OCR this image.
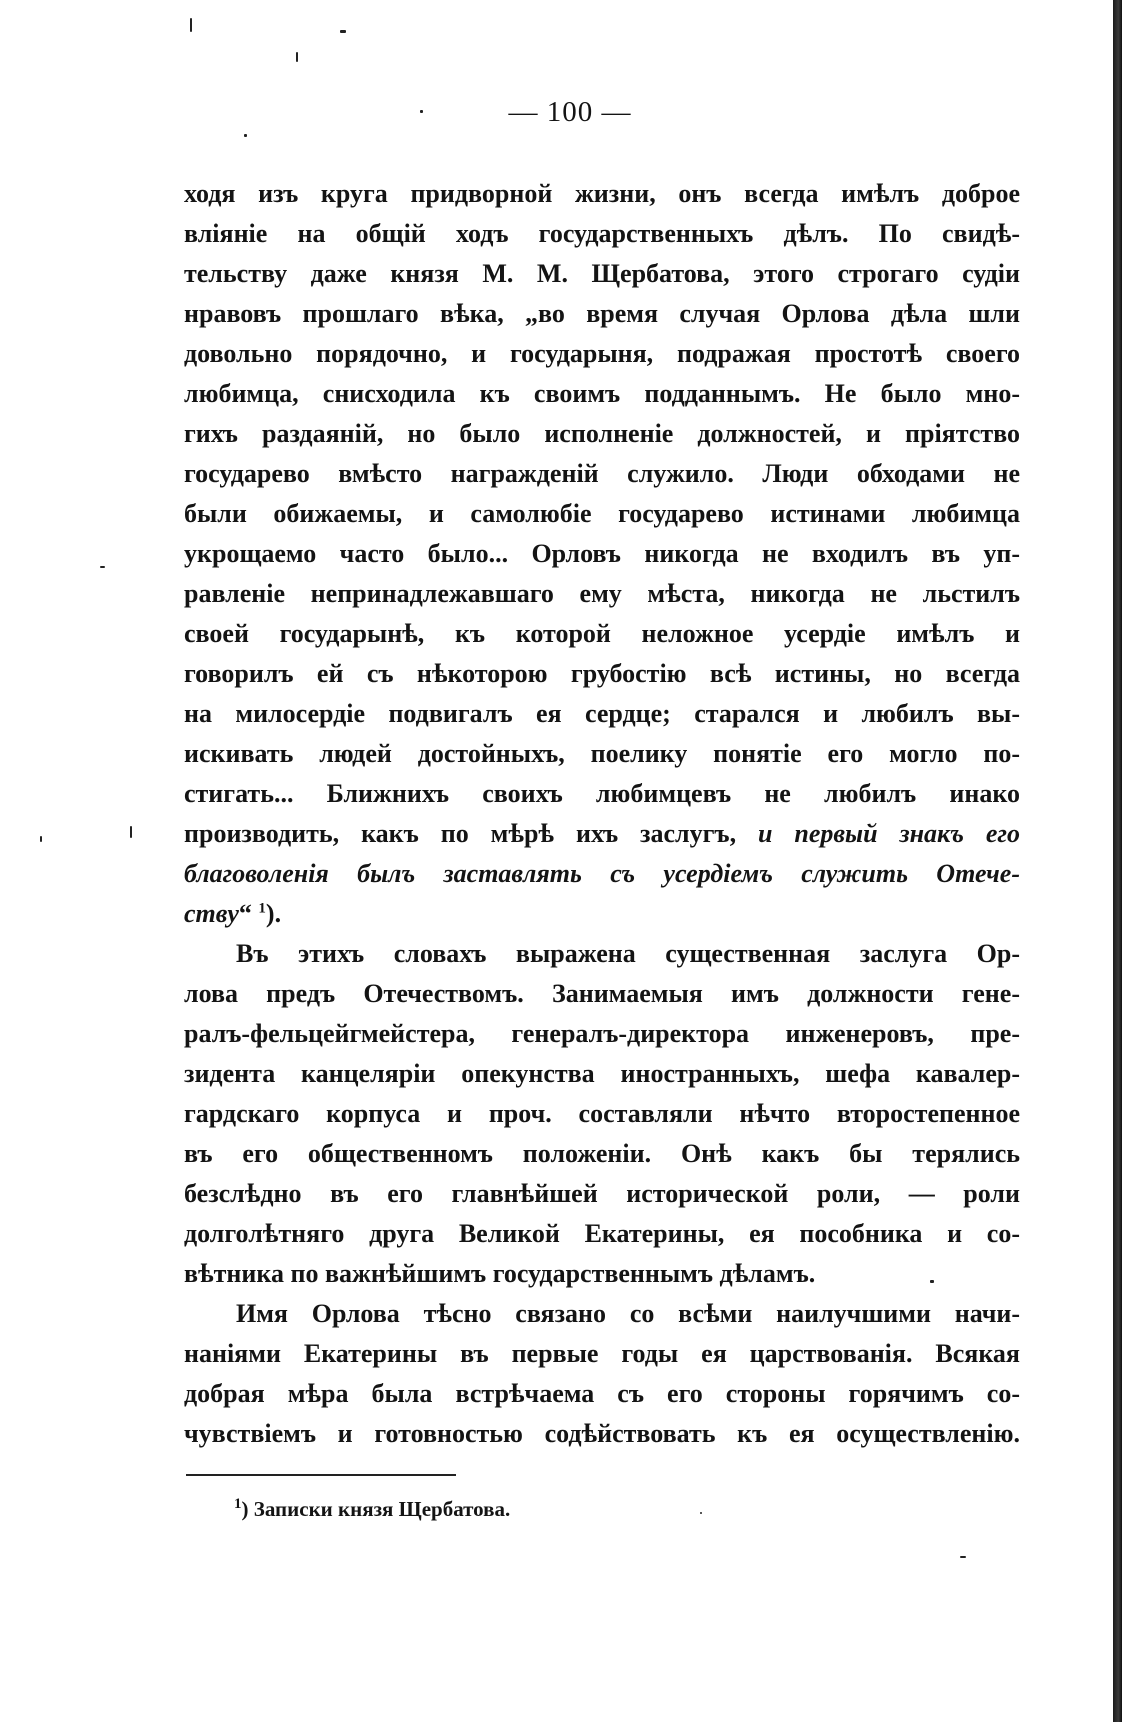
— 100 —
ходя изъ круга придворной жизни, онъ всегда имѣлъ доброе
вліяніе на общій ходъ государственныхъ дѣлъ. По свидѣ-
тельству даже князя М. М. Щербатова, этого строгаго судіи
нравовъ прошлаго вѣка, „во время случая Орлова дѣла шли
довольно порядочно, и государыня, подражая простотѣ своего
любимца, снисходила къ своимъ подданнымъ. Не было мно-
гихъ раздаяній, но было исполненіе должностей, и пріятство
государево вмѣсто награжденій служило. Люди обходами не
были обижаемы, и самолюбіе государево истинами любимца
укрощаемо часто было... Орловъ никогда не входилъ въ уп-
равленіе непринадлежавшаго ему мѣста, никогда не льстилъ
своей государынѣ, къ которой неложное усердіе имѣлъ и
говорилъ ей съ нѣкоторою грубостію всѣ истины, но всегда
на милосердіе подвигалъ ея сердце; старался и любилъ вы-
искивать людей достойныхъ, поелику понятіе его могло по-
стигать... Ближнихъ своихъ любимцевъ не любилъ инако
производить, какъ по мѣрѣ ихъ заслугъ, и первый знакъ его
благоволенія былъ заставлять съ усердіемъ служить Отече-
ству“ $^1$).
Въ этихъ словахъ выражена существенная заслуга Ор-
лова предъ Отечествомъ. Занимаемыя имъ должности гене-
ралъ-фельцейгмейстера, генералъ-директора инженеровъ, пре-
зидента канцеляріи опекунства иностранныхъ, шефа кавалер-
гардскаго корпуса и проч. составляли нѣчто второстепенное
въ его общественномъ положеніи. Онѣ какъ бы терялись
безслѣдно въ его главнѣйшей исторической роли, — роли
долголѣтняго друга Великой Екатерины, ея пособника и со-
вѣтника по важнѣйшимъ государственнымъ дѣламъ.
Имя Орлова тѣсно связано со всѣми наилучшими начи-
наніями Екатерины въ первые годы ея царствованія. Всякая
добрая мѣра была встрѣчаема съ его стороны горячимъ со-
чувствіемъ и готовностью содѣйствовать къ ея осуществленію.
$^1$) Записки князя Щербатова.
